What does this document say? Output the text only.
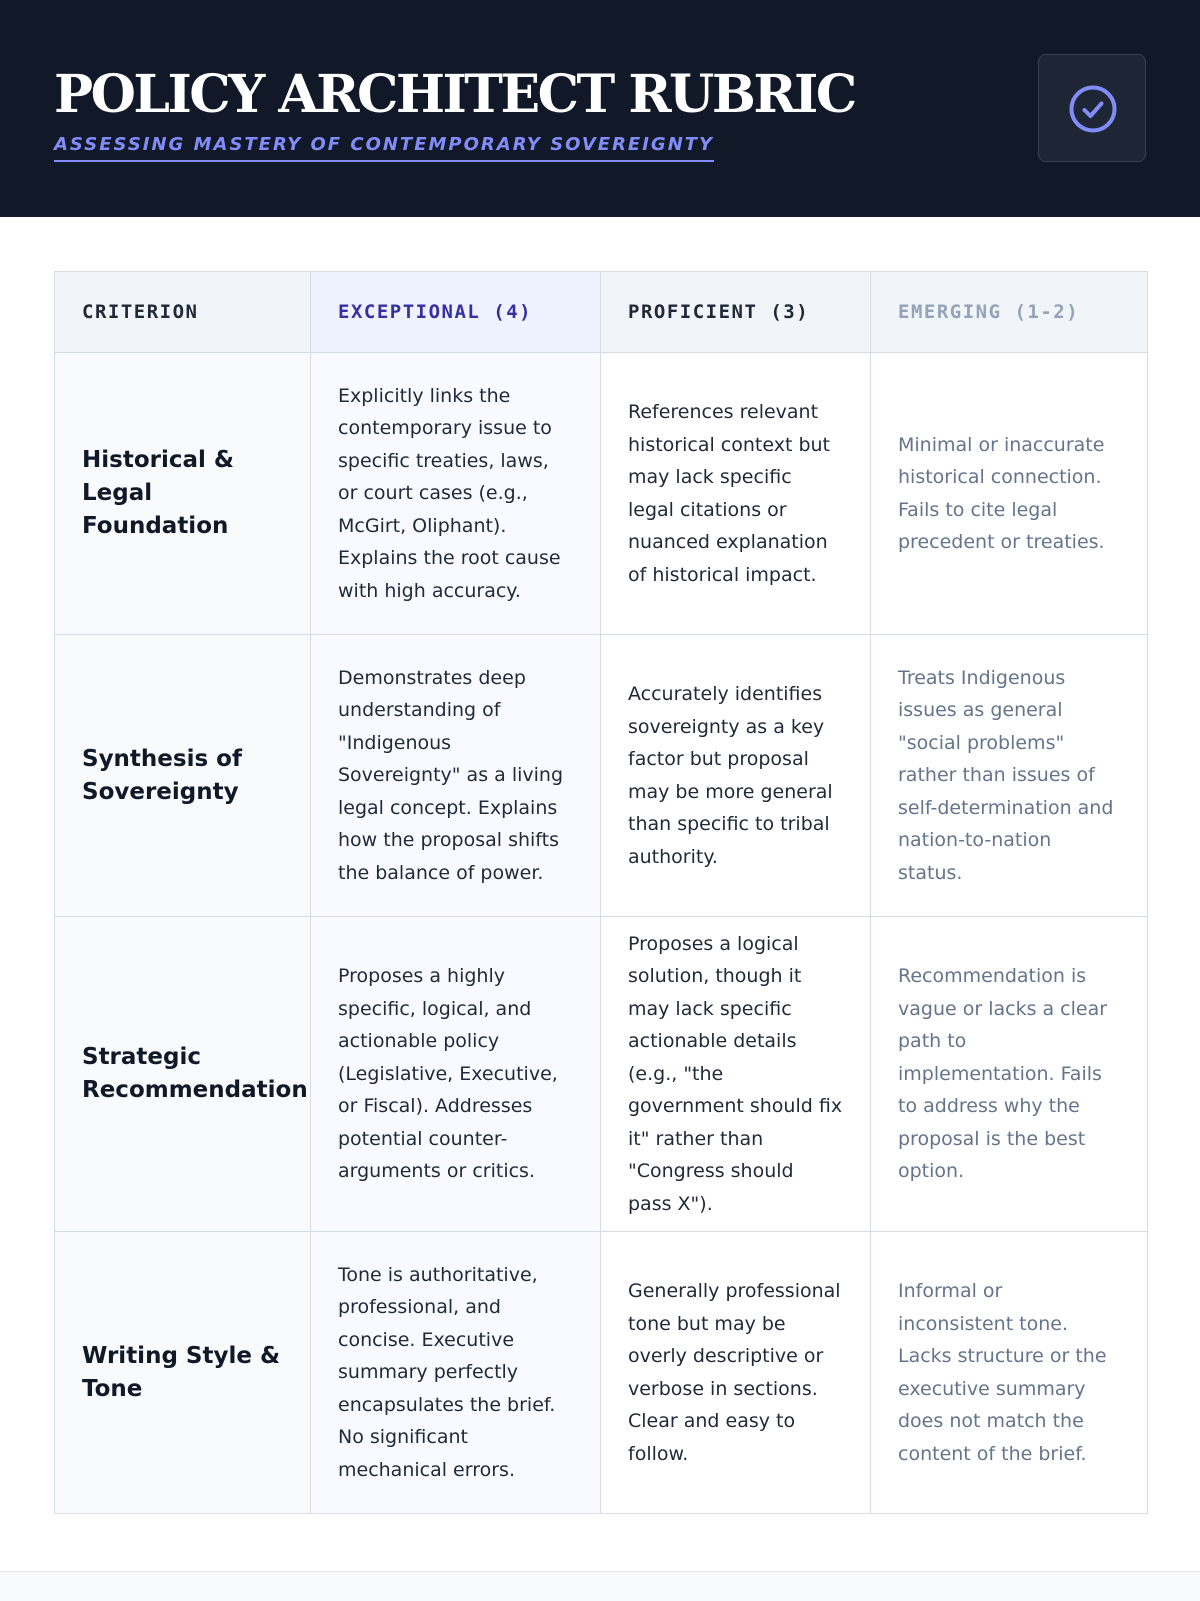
POLICY ARCHITECT RUBRIC
ASSESSING MASTERY OF CONTEMPORARY SOVEREIGNTY
CRITERION	EXCEPTIONAL (4)	PROFICIENT (3)	EMERGING (1-2)
Historical & Legal Foundation	Explicitly links the contemporary issue to specific treaties, laws, or court cases (e.g., McGirt, Oliphant). Explains the root cause with high accuracy.	References relevant historical context but may lack specific legal citations or nuanced explanation of historical impact.	Minimal or inaccurate historical connection. Fails to cite legal precedent or treaties.
Synthesis of Sovereignty	Demonstrates deep understanding of "Indigenous Sovereignty" as a living legal concept. Explains how the proposal shifts the balance of power.	Accurately identifies sovereignty as a key factor but proposal may be more general than specific to tribal authority.	Treats Indigenous issues as general "social problems" rather than issues of self-determination and nation-to-nation status.
Strategic Recommendation	Proposes a highly specific, logical, and actionable policy (Legislative, Executive, or Fiscal). Addresses potential counter-arguments or critics.	Proposes a logical solution, though it may lack specific actionable details (e.g., "the government should fix it" rather than "Congress should pass X").	Recommendation is vague or lacks a clear path to implementation. Fails to address why the proposal is the best option.
Writing Style & Tone	Tone is authoritative, professional, and concise. Executive summary perfectly encapsulates the brief. No significant mechanical errors.	Generally professional tone but may be overly descriptive or verbose in sections. Clear and easy to follow.	Informal or inconsistent tone. Lacks structure or the executive summary does not match the content of the brief.
